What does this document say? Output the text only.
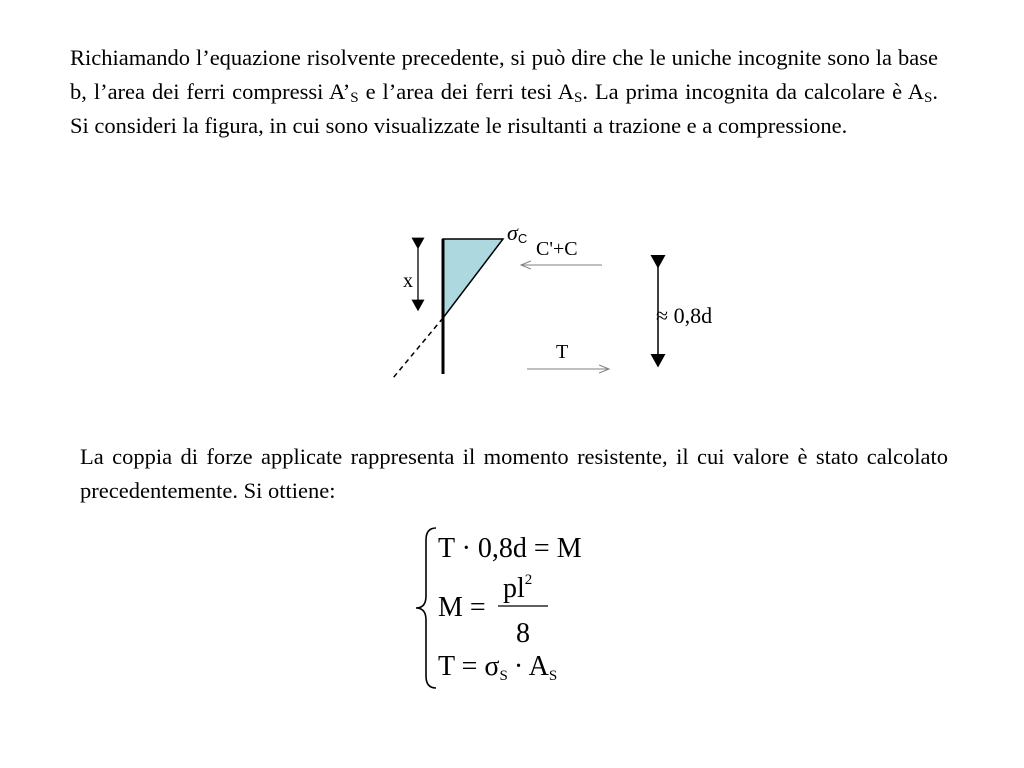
Richiamando l’equazione risolvente precedente, si può dire che le uniche incognite sono la base b, l’area dei ferri compressi $A’_S$ e l’area dei ferri tesi $A_S$. La prima incognita da calcolare è $A_S$. Si consideri la figura, in cui sono visualizzate le risultanti a trazione e a compressione.

x
σC C'+C
T
≈ 0,8d

La coppia di forze applicate rappresenta il momento resistente, il cui valore è stato calcolato precedentemente. Si ottiene:

T · 0,8d = M
M =
$pl^2$
8
T = σS · AS
